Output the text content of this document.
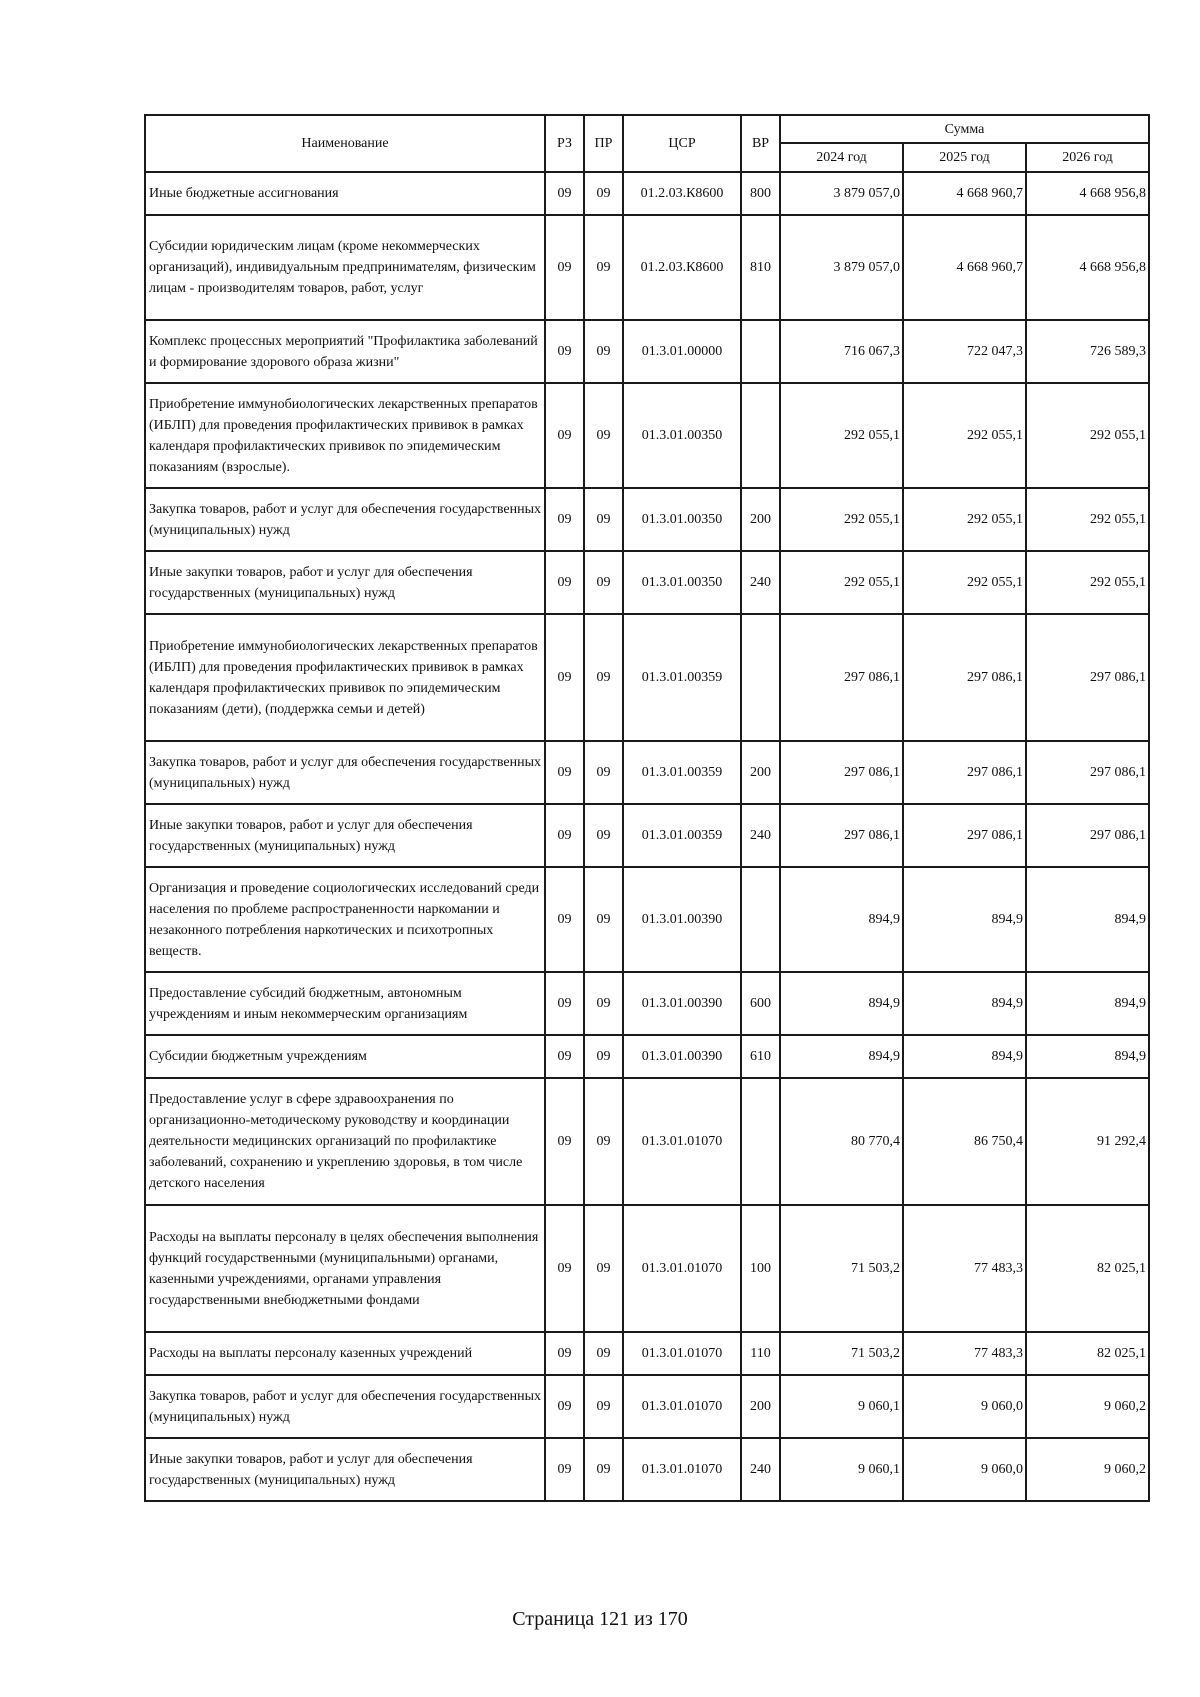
Наименование	РЗ	ПР	ЦСР	ВР	Сумма		
					2024 год	2025 год	2026 год
Иные бюджетные ассигнования	09	09	01.2.03.К8600	800	3 879 057,0	4 668 960,7	4 668 956,8
Субсидии юридическим лицам (кроме некоммерческих организаций), индивидуальным предпринимателям, физическим лицам - производителям товаров, работ, услуг	09	09	01.2.03.К8600	810	3 879 057,0	4 668 960,7	4 668 956,8
Комплекс процессных мероприятий "Профилактика заболеваний и формирование здорового образа жизни"	09	09	01.3.01.00000		716 067,3	722 047,3	726 589,3
Приобретение иммунобиологических лекарственных препаратов (ИБЛП) для проведения профилактических прививок в рамках календаря профилактических прививок по эпидемическим показаниям (взрослые).	09	09	01.3.01.00350		292 055,1	292 055,1	292 055,1
Закупка товаров, работ и услуг для обеспечения государственных (муниципальных) нужд	09	09	01.3.01.00350	200	292 055,1	292 055,1	292 055,1
Иные закупки товаров, работ и услуг для обеспечения государственных (муниципальных) нужд	09	09	01.3.01.00350	240	292 055,1	292 055,1	292 055,1
Приобретение иммунобиологических лекарственных препаратов (ИБЛП) для проведения профилактических прививок в рамках календаря профилактических прививок по эпидемическим показаниям (дети), (поддержка семьи и детей)	09	09	01.3.01.00359		297 086,1	297 086,1	297 086,1
Закупка товаров, работ и услуг для обеспечения государственных (муниципальных) нужд	09	09	01.3.01.00359	200	297 086,1	297 086,1	297 086,1
Иные закупки товаров, работ и услуг для обеспечения государственных (муниципальных) нужд	09	09	01.3.01.00359	240	297 086,1	297 086,1	297 086,1
Организация и проведение социологических исследований среди населения по проблеме распространенности наркомании и незаконного потребления наркотических и психотропных веществ.	09	09	01.3.01.00390		894,9	894,9	894,9
Предоставление субсидий бюджетным, автономным учреждениям и иным некоммерческим организациям	09	09	01.3.01.00390	600	894,9	894,9	894,9
Субсидии бюджетным учреждениям	09	09	01.3.01.00390	610	894,9	894,9	894,9
Предоставление услуг в сфере здравоохранения по организационно-методическому руководству и координации деятельности медицинских организаций по профилактике заболеваний, сохранению и укреплению здоровья, в том числе детского населения	09	09	01.3.01.01070		80 770,4	86 750,4	91 292,4
Расходы на выплаты персоналу в целях обеспечения выполнения функций государственными (муниципальными) органами, казенными учреждениями, органами управления государственными внебюджетными фондами	09	09	01.3.01.01070	100	71 503,2	77 483,3	82 025,1
Расходы на выплаты персоналу казенных учреждений	09	09	01.3.01.01070	110	71 503,2	77 483,3	82 025,1
Закупка товаров, работ и услуг для обеспечения государственных (муниципальных) нужд	09	09	01.3.01.01070	200	9 060,1	9 060,0	9 060,2
Иные закупки товаров, работ и услуг для обеспечения государственных (муниципальных) нужд	09	09	01.3.01.01070	240	9 060,1	9 060,0	9 060,2
Страница 121 из 170
